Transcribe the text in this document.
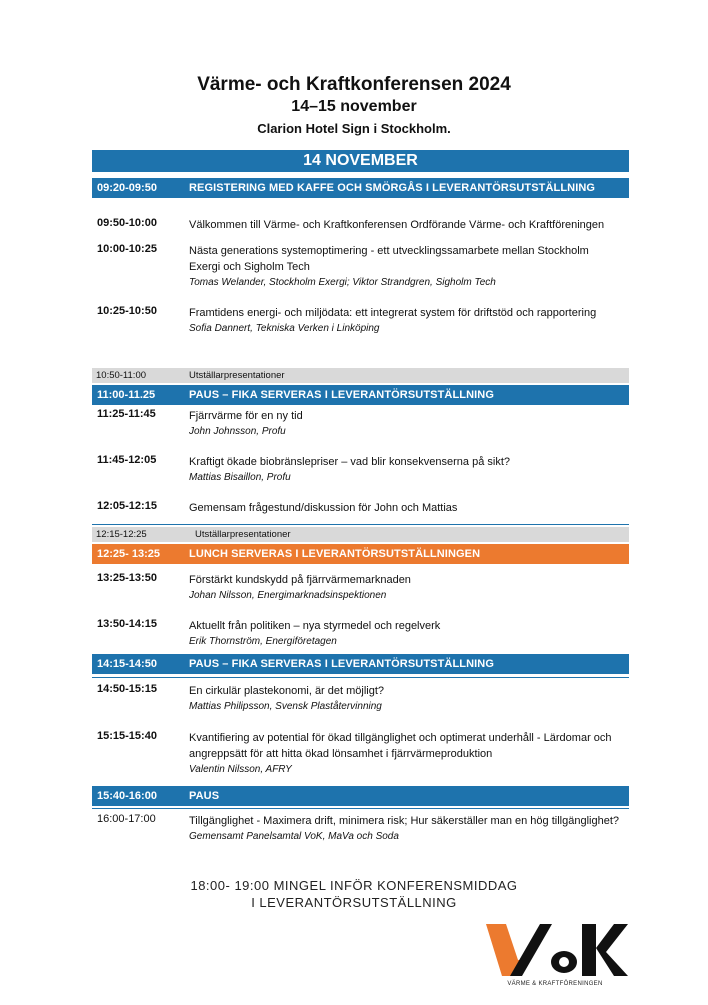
Värme- och Kraftkonferensen 2024
14–15 november
Clarion Hotel Sign i Stockholm.
14 NOVEMBER
09:20-09:50	REGISTERING MED KAFFE OCH SMÖRGÅS I LEVERANTÖRSUTSTÄLLNING
09:50-10:00	Välkommen till Värme- och Kraftkonferensen Ordförande Värme- och Kraftföreningen
10:00-10:25	Nästa generations systemoptimering - ett utvecklingssamarbete mellan Stockholm Exergi och Sigholm Tech
Tomas Welander, Stockholm Exergi; Viktor Strandgren, Sigholm Tech
10:25-10:50	Framtidens energi- och miljödata: ett integrerat system för driftstöd och rapportering
Sofia Dannert, Tekniska Verken i Linköping
10:50-11:00	Utställarpresentationer
11:00-11.25	PAUS – FIKA SERVERAS I LEVERANTÖRSUTSTÄLLNING
11:25-11:45	Fjärrvärme för en ny tid
John Johnsson, Profu
11:45-12:05	Kraftigt ökade biobränslepriser – vad blir konsekvenserna på sikt?
Mattias Bisaillon, Profu
12:05-12:15	Gemensam frågestund/diskussion för John och Mattias
12:15-12:25	Utställarpresentationer
12:25- 13:25	LUNCH SERVERAS I LEVERANTÖRSUTSTÄLLNINGEN
13:25-13:50	Förstärkt kundskydd på fjärrvärmemarknaden
Johan Nilsson, Energimarknadsinspektionen
13:50-14:15	Aktuellt från politiken – nya styrmedel och regelverk
Erik Thornström, Energiföretagen
14:15-14:50	PAUS – FIKA SERVERAS I LEVERANTÖRSUTSTÄLLNING
14:50-15:15	En cirkulär plastekonomi, är det möjligt?
Mattias Philipsson, Svensk Plaståtervinning
15:15-15:40	Kvantifiering av potential för ökad tillgänglighet och optimerat underhåll - Lärdomar och angreppsätt för att hitta ökad lönsamhet i fjärrvärmeproduktion
Valentin Nilsson, AFRY
15:40-16:00	PAUS
16:00-17:00	Tillgänglighet - Maximera drift, minimera risk; Hur säkerställer man en hög tillgänglighet?
Gemensamt Panelsamtal VoK, MaVa och Soda
18:00- 19:00 MINGEL INFÖR KONFERENSMIDDAG
I LEVERANTÖRSUTSTÄLLNING
VÄRME & KRAFTFÖRENINGEN
